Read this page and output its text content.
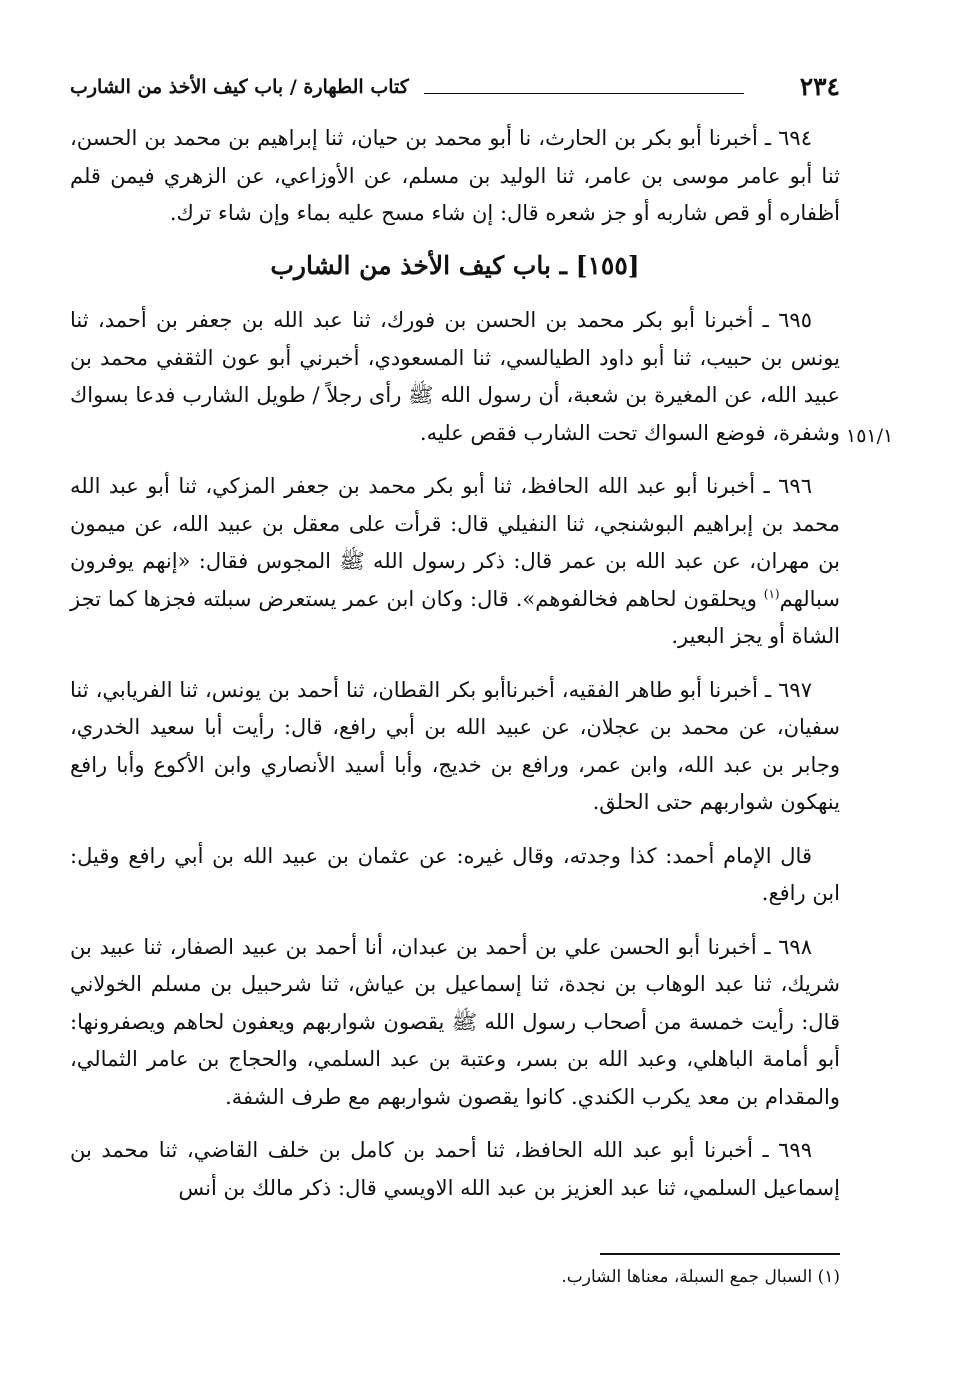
٢٣٤
كتاب الطهارة / باب كيف الأخذ من الشارب

٦٩٤ ـ أخبرنا أبو بكر بن الحارث، نا أبو محمد بن حيان، ثنا إبراهيم بن محمد بن الحسن، ثنا أبو عامر موسى بن عامر، ثنا الوليد بن مسلم، عن الأوزاعي، عن الزهري فيمن قلم أظفاره أو قص شاربه أو جز شعره قال: إن شاء مسح عليه بماء وإن شاء ترك.

[١٥٥] ـ باب كيف الأخذ من الشارب

٦٩٥ ـ أخبرنا أبو بكر محمد بن الحسن بن فورك، ثنا عبد الله بن جعفر بن أحمد، ثنا يونس بن حبيب، ثنا أبو داود الطيالسي، ثنا المسعودي، أخبرني أبو عون الثقفي محمد بن عبيد الله، عن المغيرة بن شعبة، أن رسول الله ﷺ رأى رجلاً / طويل الشارب فدعا بسواك وشفرة، فوضع السواك تحت الشارب فقص عليه.

٦٩٦ ـ أخبرنا أبو عبد الله الحافظ، ثنا أبو بكر محمد بن جعفر المزكي، ثنا أبو عبد الله محمد بن إبراهيم البوشنجي، ثنا النفيلي قال: قرأت على معقل بن عبيد الله، عن ميمون بن مهران، عن عبد الله بن عمر قال: ذكر رسول الله ﷺ المجوس فقال: «إنهم يوفرون سبالهم$^{(١)}$ ويحلقون لحاهم فخالفوهم». قال: وكان ابن عمر يستعرض سبلته فجزها كما تجز الشاة أو يجز البعير.

٦٩٧ ـ أخبرنا أبو طاهر الفقيه، أخبرناأبو بكر القطان، ثنا أحمد بن يونس، ثنا الفريابي، ثنا سفيان، عن محمد بن عجلان، عن عبيد الله بن أبي رافع، قال: رأيت أبا سعيد الخدري، وجابر بن عبد الله، وابن عمر، ورافع بن خديج، وأبا أسيد الأنصاري وابن الأكوع وأبا رافع ينهكون شواربهم حتى الحلق.

قال الإمام أحمد: كذا وجدته، وقال غيره: عن عثمان بن عبيد الله بن أبي رافع وقيل: ابن رافع.

٦٩٨ ـ أخبرنا أبو الحسن علي بن أحمد بن عبدان، أنا أحمد بن عبيد الصفار، ثنا عبيد بن شريك، ثنا عبد الوهاب بن نجدة، ثنا إسماعيل بن عياش، ثنا شرحبيل بن مسلم الخولاني قال: رأيت خمسة من أصحاب رسول الله ﷺ يقصون شواربهم ويعفون لحاهم ويصفرونها: أبو أمامة الباهلي، وعبد الله بن بسر، وعتبة بن عبد السلمي، والحجاج بن عامر الثمالي، والمقدام بن معد يكرب الكندي. كانوا يقصون شواربهم مع طرف الشفة.

٦٩٩ ـ أخبرنا أبو عبد الله الحافظ، ثنا أحمد بن كامل بن خلف القاضي، ثنا محمد بن إسماعيل السلمي، ثنا عبد العزيز بن عبد الله الاويسي قال: ذكر مالك بن أنس

١٥١/١
(١) السبال جمع السبلة، معناها الشارب.
